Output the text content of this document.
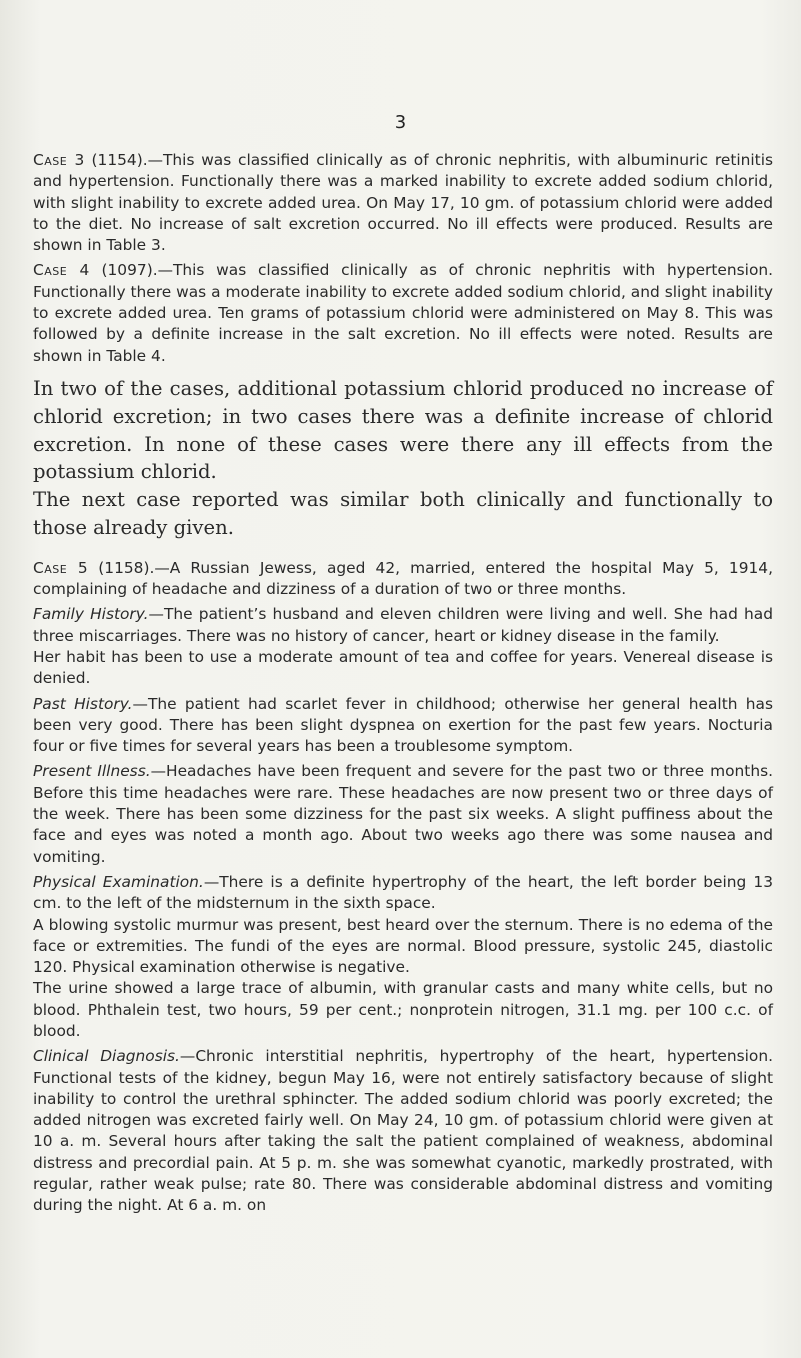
3

Case 3 (1154).—This was classified clinically as of chronic nephritis, with albuminuric retinitis and hypertension. Functionally there was a marked inability to excrete added sodium chlorid, with slight inability to excrete added urea. On May 17, 10 gm. of potassium chlorid were added to the diet. No increase of salt excretion occurred. No ill effects were produced. Results are shown in Table 3.

Case 4 (1097).—This was classified clinically as of chronic nephritis with hypertension. Functionally there was a moderate inability to excrete added sodium chlorid, and slight inability to excrete added urea. Ten grams of potassium chlorid were administered on May 8. This was followed by a definite increase in the salt excretion. No ill effects were noted. Results are shown in Table 4.

In two of the cases, additional potassium chlorid produced no increase of chlorid excretion; in two cases there was a definite increase of chlorid excretion. In none of these cases were there any ill effects from the potassium chlorid.

The next case reported was similar both clinically and functionally to those already given.

Case 5 (1158).—A Russian Jewess, aged 42, married, entered the hospital May 5, 1914, complaining of headache and dizziness of a duration of two or three months.

Family History.—The patient’s husband and eleven children were living and well. She had had three miscarriages. There was no history of cancer, heart or kidney disease in the family.

Her habit has been to use a moderate amount of tea and coffee for years. Venereal disease is denied.

Past History.—The patient had scarlet fever in childhood; otherwise her general health has been very good. There has been slight dyspnea on exertion for the past few years. Nocturia four or five times for several years has been a troublesome symptom.

Present Illness.—Headaches have been frequent and severe for the past two or three months. Before this time headaches were rare. These headaches are now present two or three days of the week. There has been some dizziness for the past six weeks. A slight puffiness about the face and eyes was noted a month ago. About two weeks ago there was some nausea and vomiting.

Physical Examination.—There is a definite hypertrophy of the heart, the left border being 13 cm. to the left of the midsternum in the sixth space.

A blowing systolic murmur was present, best heard over the sternum. There is no edema of the face or extremities. The fundi of the eyes are normal. Blood pressure, systolic 245, diastolic 120. Physical examination otherwise is negative.

The urine showed a large trace of albumin, with granular casts and many white cells, but no blood. Phthalein test, two hours, 59 per cent.; nonprotein nitrogen, 31.1 mg. per 100 c.c. of blood.

Clinical Diagnosis.—Chronic interstitial nephritis, hypertrophy of the heart, hypertension. Functional tests of the kidney, begun May 16, were not entirely satisfactory because of slight inability to control the urethral sphincter. The added sodium chlorid was poorly excreted; the added nitrogen was excreted fairly well. On May 24, 10 gm. of potassium chlorid were given at 10 a. m. Several hours after taking the salt the patient complained of weakness, abdominal distress and precordial pain. At 5 p. m. she was somewhat cyanotic, markedly prostrated, with regular, rather weak pulse; rate 80. There was considerable abdominal distress and vomiting during the night. At 6 a. m. on
